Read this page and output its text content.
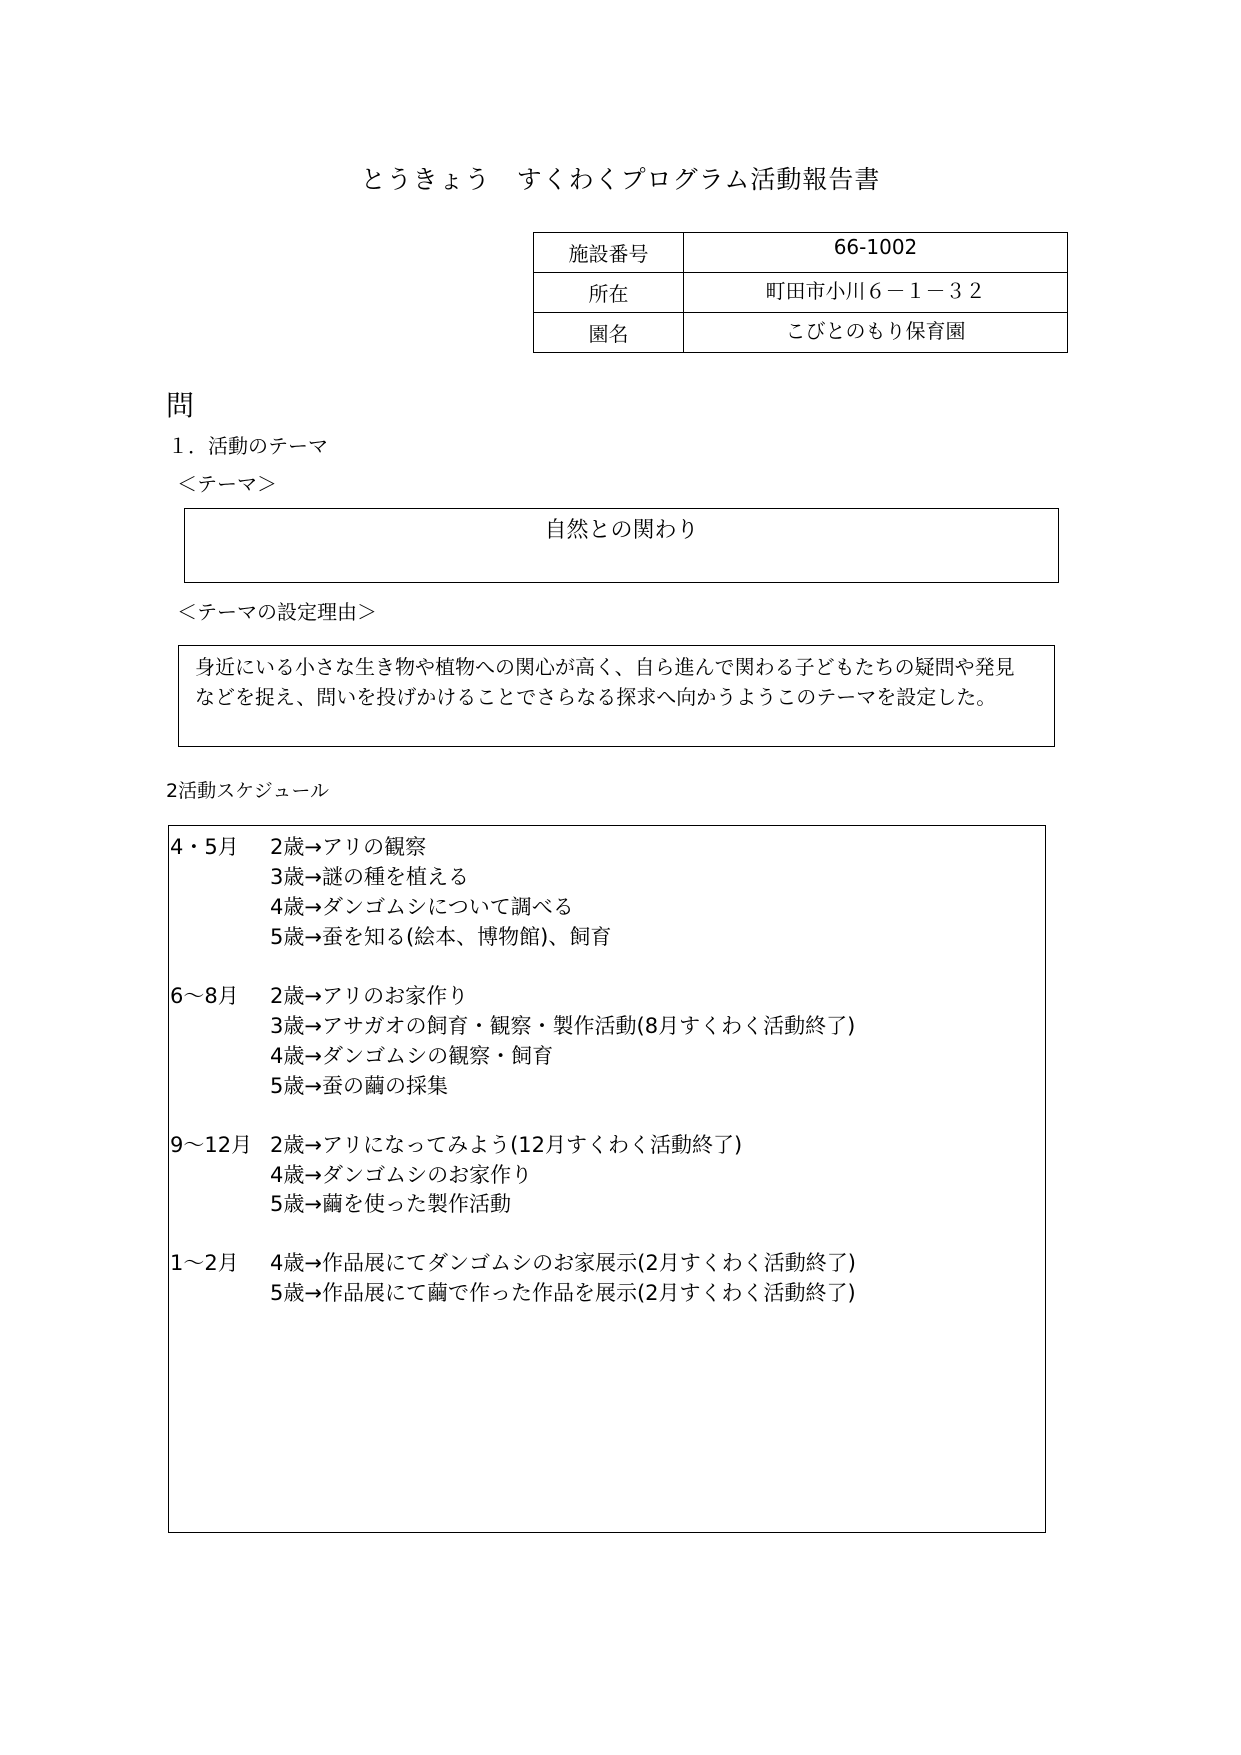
とうきょう　すくわくプログラム活動報告書
施設番号	66-1002
所在	町田市小川６－１－３２
園名	こびとのもり保育園
問
１．活動のテーマ
＜テーマ＞
自然との関わり
＜テーマの設定理由＞
身近にいる小さな生き物や植物への関心が高く、自ら進んで関わる子どもたちの疑問や発見
などを捉え、問いを投げかけることでさらなる探求へ向かうようこのテーマを設定した。
2活動スケジュール
4・5月 2歳→アリの観察
3歳→謎の種を植える
4歳→ダンゴムシについて調べる
5歳→蚕を知る(絵本、博物館)、飼育
6～8月 2歳→アリのお家作り
3歳→アサガオの飼育・観察・製作活動(8月すくわく活動終了)
4歳→ダンゴムシの観察・飼育
5歳→蚕の繭の採集
9～12月 2歳→アリになってみよう(12月すくわく活動終了)
4歳→ダンゴムシのお家作り
5歳→繭を使った製作活動
1～2月 4歳→作品展にてダンゴムシのお家展示(2月すくわく活動終了)
5歳→作品展にて繭で作った作品を展示(2月すくわく活動終了)
